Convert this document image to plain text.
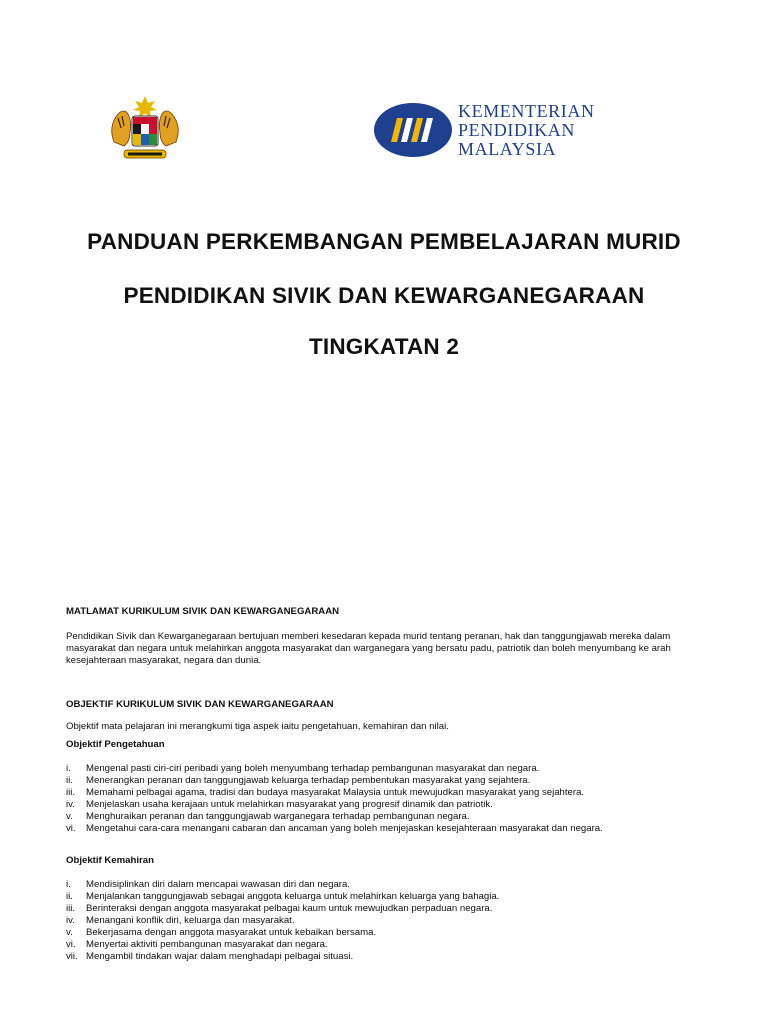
KEMENTERIAN
PENDIDIKAN
MALAYSIA
PANDUAN PERKEMBANGAN PEMBELAJARAN MURID
PENDIDIKAN SIVIK DAN KEWARGANEGARAAN
TINGKATAN 2

MATLAMAT KURIKULUM SIVIK DAN KEWARGANEGARAAN

Pendidikan Sivik dan Kewarganegaraan bertujuan memberi kesedaran kepada murid tentang peranan, hak dan tanggungjawab mereka dalam

masyarakat dan negara untuk melahirkan anggota masyarakat dan warganegara yang bersatu padu, patriotik dan boleh menyumbang ke arah

kesejahteraan masyarakat, negara dan dunia.

OBJEKTIF KURIKULUM SIVIK DAN KEWARGANEGARAAN

Objektif mata pelajaran ini merangkumi tiga aspek iaitu pengetahuan, kemahiran dan nilai.

Objektif Pengetahuan

i.	Mengenal pasti ciri-ciri peribadi yang boleh menyumbang terhadap pembangunan masyarakat dan negara.
ii.	Menerangkan peranan dan tanggungjawab keluarga terhadap pembentukan masyarakat yang sejahtera.
iii.	Memahami pelbagai agama, tradisi dan budaya masyarakat Malaysia untuk mewujudkan masyarakat yang sejahtera.
iv.	Menjelaskan usaha kerajaan untuk melahirkan masyarakat yang progresif dinamik dan patriotik.
v.	Menghuraikan peranan dan tanggungjawab warganegara terhadap pembangunan negara.
vi.	Mengetahui cara-cara menangani cabaran dan ancaman yang boleh menjejaskan kesejahteraan masyarakat dan negara.

Objektif Kemahiran

i.	Mendisiplinkan diri dalam mencapai wawasan diri dan negara.
ii.	Menjalankan tanggungjawab sebagai anggota keluarga untuk melahirkan keluarga yang bahagia.
iii.	Berinteraksi dengan anggota masyarakat pelbagai kaum untuk mewujudkan perpaduan negara.
iv.	Menangani konflik diri, keluarga dan masyarakat.
v.	Bekerjasama dengan anggota masyarakat untuk kebaikan bersama.
vi.	Menyertai aktiviti pembangunan masyarakat dan negara.
vii. Mengambil tindakan wajar dalam menghadapi pelbagai situasi.
